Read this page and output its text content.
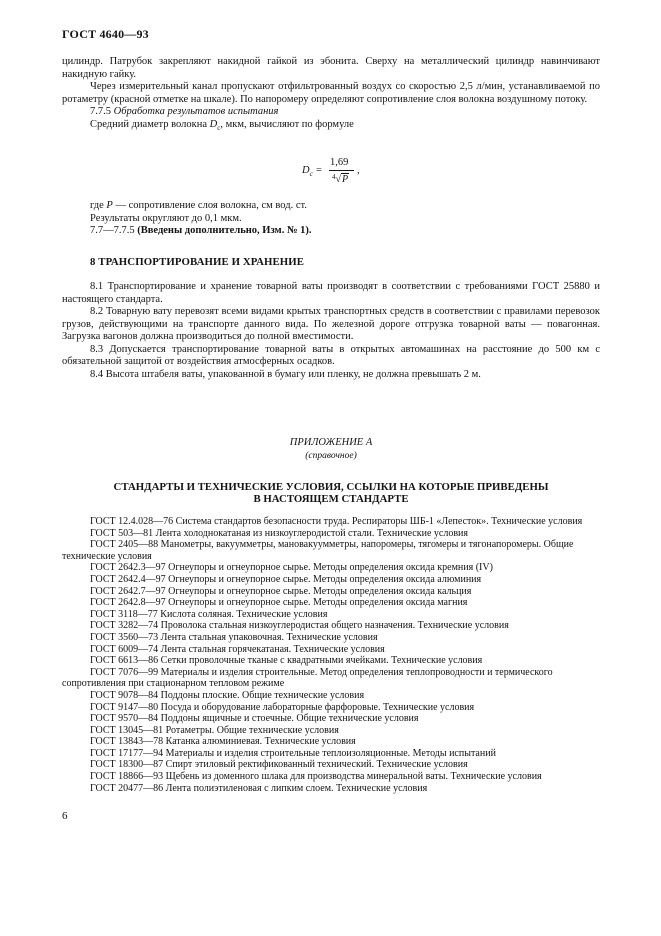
ГОСТ 4640—93

цилиндр. Патрубок закрепляют накидной гайкой из эбонита. Сверху на металлический цилиндр навинчивают накидную гайку.

Через измерительный канал пропускают отфильтрованный воздух со скоростью 2,5 л/мин, устанавливаемой по ротаметру (красной отметке на шкале). По напоромеру определяют сопротивление слоя волокна воздушному потоку.

7.7.5 Обработка результатов испытания

Средний диаметр волокна $D_c$, мкм, вычисляют по формуле

$D_c$ =
1,69
$^4$√P
,

где P — сопротивление слоя волокна, см вод. ст.

Результаты округляют до 0,1 мкм.

7.7—7.7.5 (Введены дополнительно, Изм. № 1).

8 ТРАНСПОРТИРОВАНИЕ И ХРАНЕНИЕ

8.1 Транспортирование и хранение товарной ваты производят в соответствии с требованиями ГОСТ 25880 и настоящего стандарта.

8.2 Товарную вату перевозят всеми видами крытых транспортных средств в соответствии с правилами перевозок грузов, действующими на транспорте данного вида. По железной дороге отгрузка товарной ваты — повагонная. Загрузка вагонов должна производиться до полной вместимости.

8.3 Допускается транспортирование товарной ваты в открытых автомашинах на расстояние до 500 км с обязательной защитой от воздействия атмосферных осадков.

8.4 Высота штабеля ваты, упакованной в бумагу или пленку, не должна превышать 2 м.

ПРИЛОЖЕНИЕ А
(справочное)
СТАНДАРТЫ И ТЕХНИЧЕСКИЕ УСЛОВИЯ, ССЫЛКИ НА КОТОРЫЕ ПРИВЕДЕНЫ
В НАСТОЯЩЕМ СТАНДАРТЕ

ГОСТ 12.4.028—76 Система стандартов безопасности труда. Респираторы ШБ-1 «Лепесток». Технические условия

ГОСТ 503—81 Лента холоднокатаная из низкоуглеродистой стали. Технические условия

ГОСТ 2405—88 Манометры, вакуумметры, мановакуумметры, напоромеры, тягомеры и тягонапоромеры. Общие технические условия

ГОСТ 2642.3—97 Огнеупоры и огнеупорное сырье. Методы определения оксида кремния (IV)

ГОСТ 2642.4—97 Огнеупоры и огнеупорное сырье. Методы определения оксида алюминия

ГОСТ 2642.7—97 Огнеупоры и огнеупорное сырье. Методы определения оксида кальция

ГОСТ 2642.8—97 Огнеупоры и огнеупорное сырье. Методы определения оксида магния

ГОСТ 3118—77 Кислота соляная. Технические условия

ГОСТ 3282—74 Проволока стальная низкоуглеродистая общего назначения. Технические условия

ГОСТ 3560—73 Лента стальная упаковочная. Технические условия

ГОСТ 6009—74 Лента стальная горячекатаная. Технические условия

ГОСТ 6613—86 Сетки проволочные тканые с квадратными ячейками. Технические условия

ГОСТ 7076—99 Материалы и изделия строительные. Метод определения теплопроводности и термического сопротивления при стационарном тепловом режиме

ГОСТ 9078—84 Поддоны плоские. Общие технические условия

ГОСТ 9147—80 Посуда и оборудование лабораторные фарфоровые. Технические условия

ГОСТ 9570—84 Поддоны ящичные и стоечные. Общие технические условия

ГОСТ 13045—81 Ротаметры. Общие технические условия

ГОСТ 13843—78 Катанка алюминиевая. Технические условия

ГОСТ 17177—94 Материалы и изделия строительные теплоизоляционные. Методы испытаний

ГОСТ 18300—87 Спирт этиловый ректификованный технический. Технические условия

ГОСТ 18866—93 Щебень из доменного шлака для производства минеральной ваты. Технические условия

ГОСТ 20477—86 Лента полиэтиленовая с липким слоем. Технические условия

6
